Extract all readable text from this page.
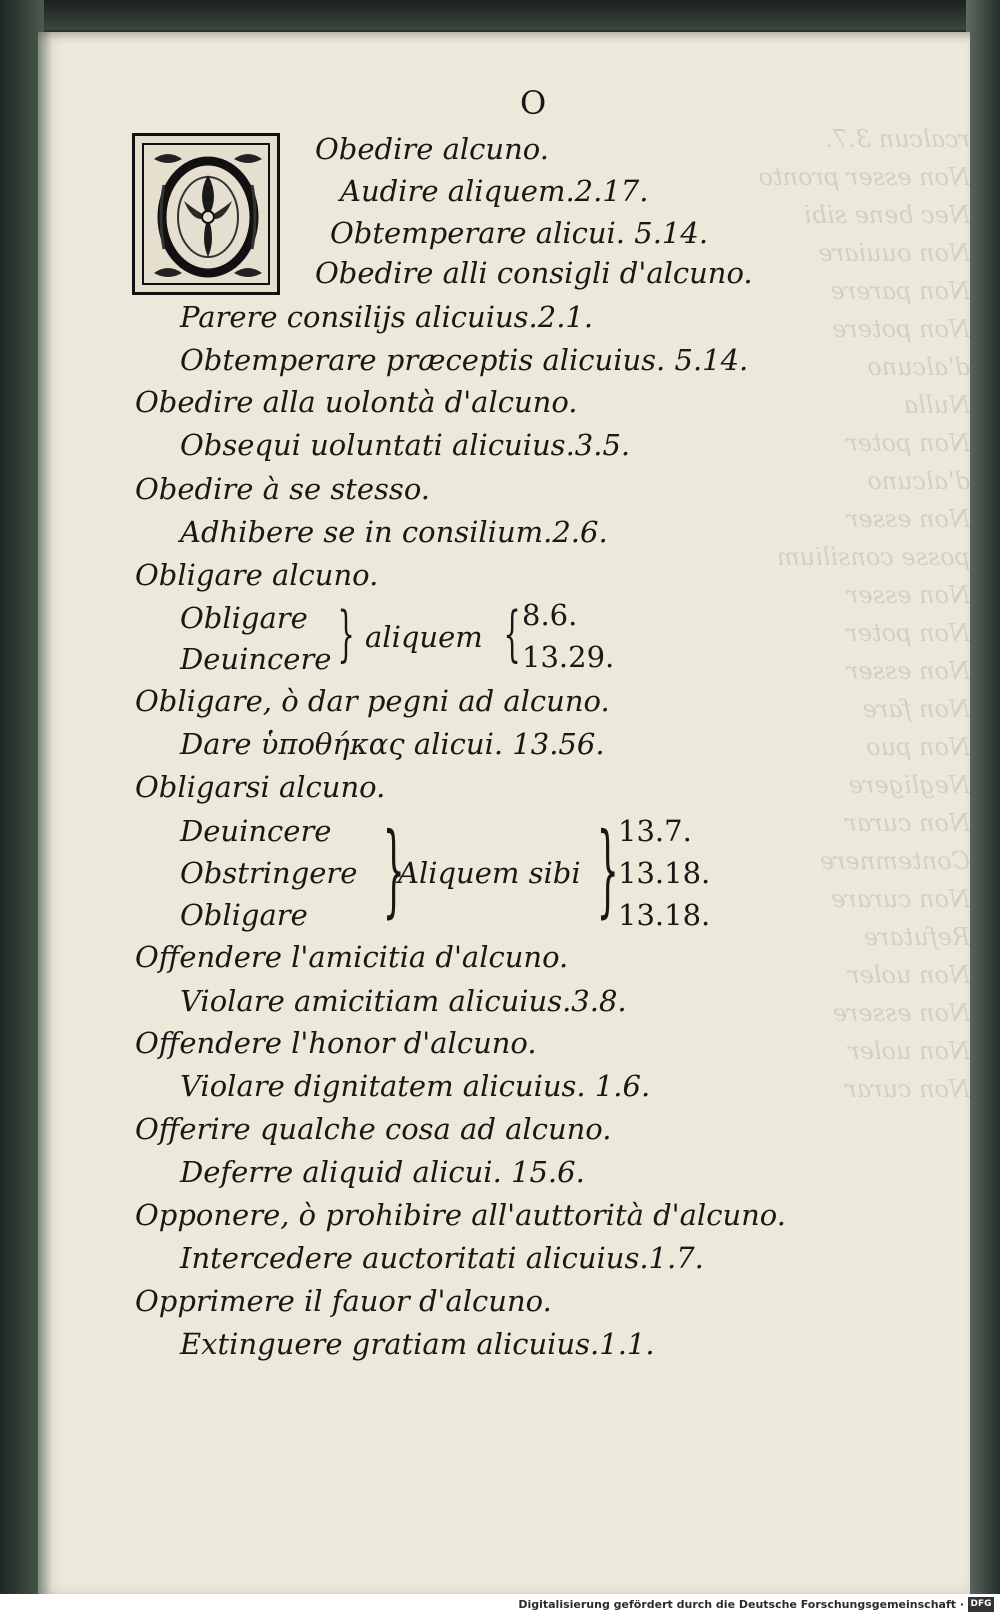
O
rcalcun 3.7.
Non esser pronto
Nec bene sibi
Non ouuiare
Non parere
Non potere
d'alcuno
Nulla
Non poter
d'alcuno
Non esser
posse consilium
Non esser
Non poter
Non esser
Non fare
Non puo
Negligere
Non curar
Contemnere
Non curare
Refutare
Non uoler
Non essere
Non uoler
Non curar
Obedire alcuno.
Audire aliquem.2.17.
Obtemperare alicui. 5.14.
Obedire alli consigli d'alcuno.
Parere consilijs alicuius.2.1.
Obtemperare præceptis alicuius. 5.14.
Obedire alla uolontà d'alcuno.
Obsequi uoluntati alicuius.3.5.
Obedire à se stesso.
Adhibere se in consilium.2.6.
Obligare alcuno.
Obligare
Deuincere } aliquem { 8.6.
13.29.
Obligare, ò dar pegni ad alcuno.
Dare ὑποθήκας alicui. 13.56.
Obligarsi alcuno.
Deuincere
Obstringere
Obligare }
Aliquem sibi } 13.7.
13.18.
13.18.
Offendere l'amicitia d'alcuno.
Violare amicitiam alicuius.3.8.
Offendere l'honor d'alcuno.
Violare dignitatem alicuius. 1.6.
Offerire qualche cosa ad alcuno.
Deferre aliquid alicui. 15.6.
Opponere, ò prohibire all'auttorità d'alcuno.
Intercedere auctoritati alicuius.1.7.
Opprimere il fauor d'alcuno.
Extinguere gratiam alicuius.1.1.
Digitalisierung gefördert durch die Deutsche Forschungsgemeinschaft · DFG
